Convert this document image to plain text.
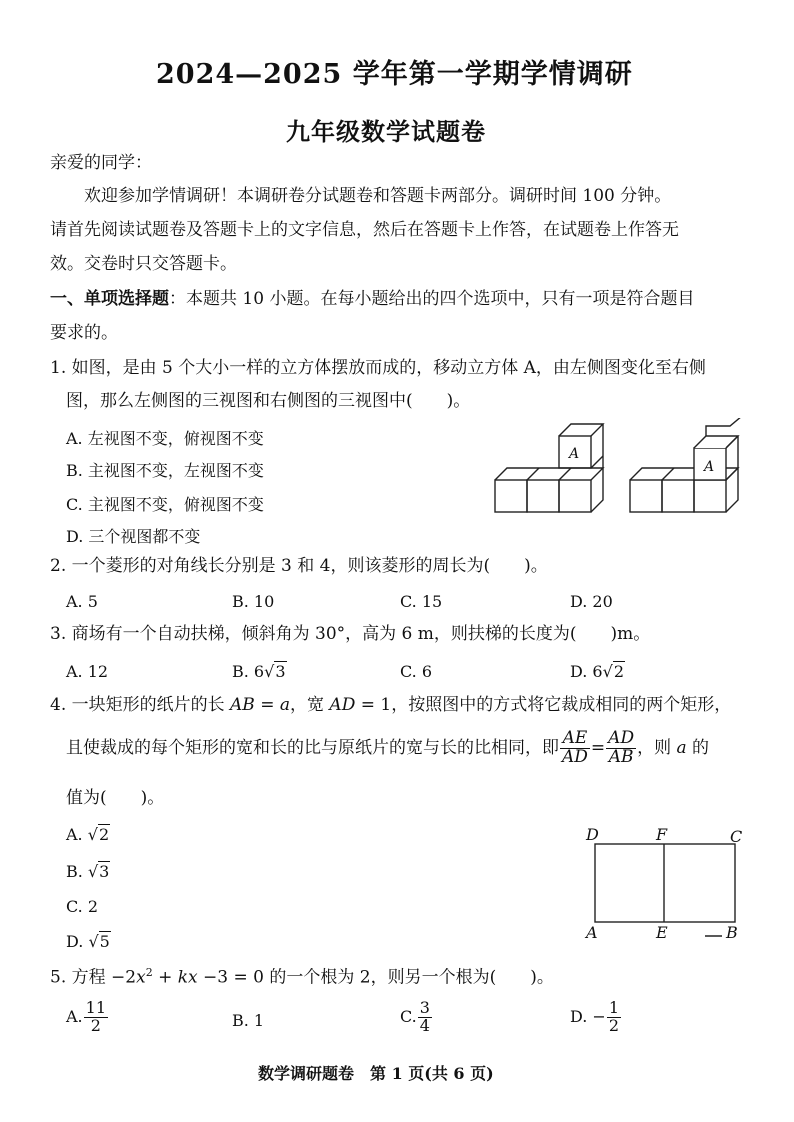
2024—2025 学年第一学期学情调研
九年级数学试题卷
亲爱的同学：
欢迎参加学情调研！本调研卷分试题卷和答题卡两部分。调研时间 100 分钟。
请首先阅读试题卷及答题卡上的文字信息，然后在答题卡上作答，在试题卷上作答无
效。交卷时只交答题卡。
一、单项选择题：本题共 10 小题。在每小题给出的四个选项中，只有一项是符合题目
要求的。
1. 如图，是由 5 个大小一样的立方体摆放而成的，移动立方体 A，由左侧图变化至右侧
图，那么左侧图的三视图和右侧图的三视图中(　　)。
A. 左视图不变，俯视图不变
B. 主视图不变，左视图不变
C. 主视图不变，俯视图不变
D. 三个视图都不变
A
A
2. 一个菱形的对角线长分别是 3 和 4，则该菱形的周长为(　　)。
A. 5	B. 10	C. 15	D. 20
3. 商场有一个自动扶梯，倾斜角为 30°，高为 6 m，则扶梯的长度为(　　)m。
A. 12	B. 6√3	C. 6	D. 6√2
4. 一块矩形的纸片的长 AB = a，宽 AD = 1，按照图中的方式将它裁成相同的两个矩形，
且使裁成的每个矩形的宽和长的比与原纸片的宽与长的比相同，即 $\frac{AE}{AD} = \frac{AD}{AB}$ ，则 a 的
值为(　　)。
A. √2
B. √3
C. 2
D. √5
D	F	C
A	E	B
5. 方程 $-2x^2$ + kx −3 = 0 的一个根为 2，则另一个根为(　　)。
A. $\frac{11}{2}$	B. 1	C. $\frac{3}{4}$	D. − $\frac{1}{2}$
数学调研题卷　第 1 页(共 6 页)
